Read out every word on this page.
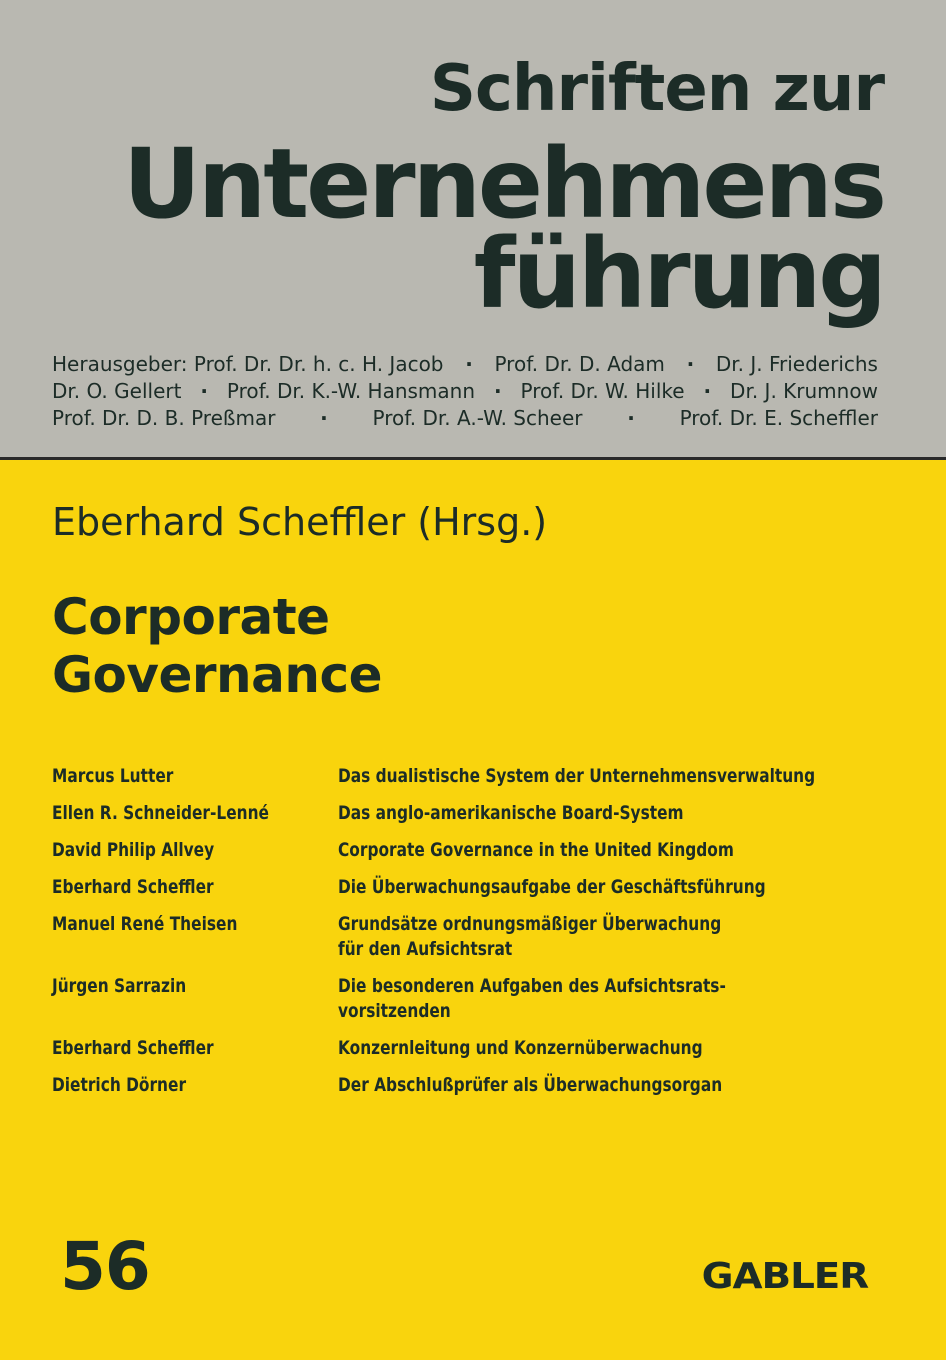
Schriften zur
Unternehmens
führung
Herausgeber: Prof. Dr. Dr. h. c. H. Jacob	·	Prof. Dr. D. Adam	·	Dr. J. Friederichs
Dr. O. Gellert · Prof. Dr. K.-W. Hansmann · Prof. Dr. W. Hilke · Dr. J. Krumnow
Prof. Dr. D. B. Preßmar	·	Prof. Dr. A.-W. Scheer	·	Prof. Dr. E. Scheffler
Eberhard Scheffler (Hrsg.)
Corporate
Governance
Marcus Lutter	Das dualistische System der Unternehmensverwaltung
Ellen R. Schneider-Lenné	Das anglo-amerikanische Board-System
David Philip Allvey	Corporate Governance in the United Kingdom
Eberhard Scheffler	Die Überwachungsaufgabe der Geschäftsführung
Manuel René Theisen	Grundsätze ordnungsmäßiger Überwachung
für den Aufsichtsrat
Jürgen Sarrazin	Die besonderen Aufgaben des Aufsichtsrats-
vorsitzenden
Eberhard Scheffler	Konzernleitung und Konzernüberwachung
Dietrich Dörner	Der Abschlußprüfer als Überwachungsorgan
56	GABLER
